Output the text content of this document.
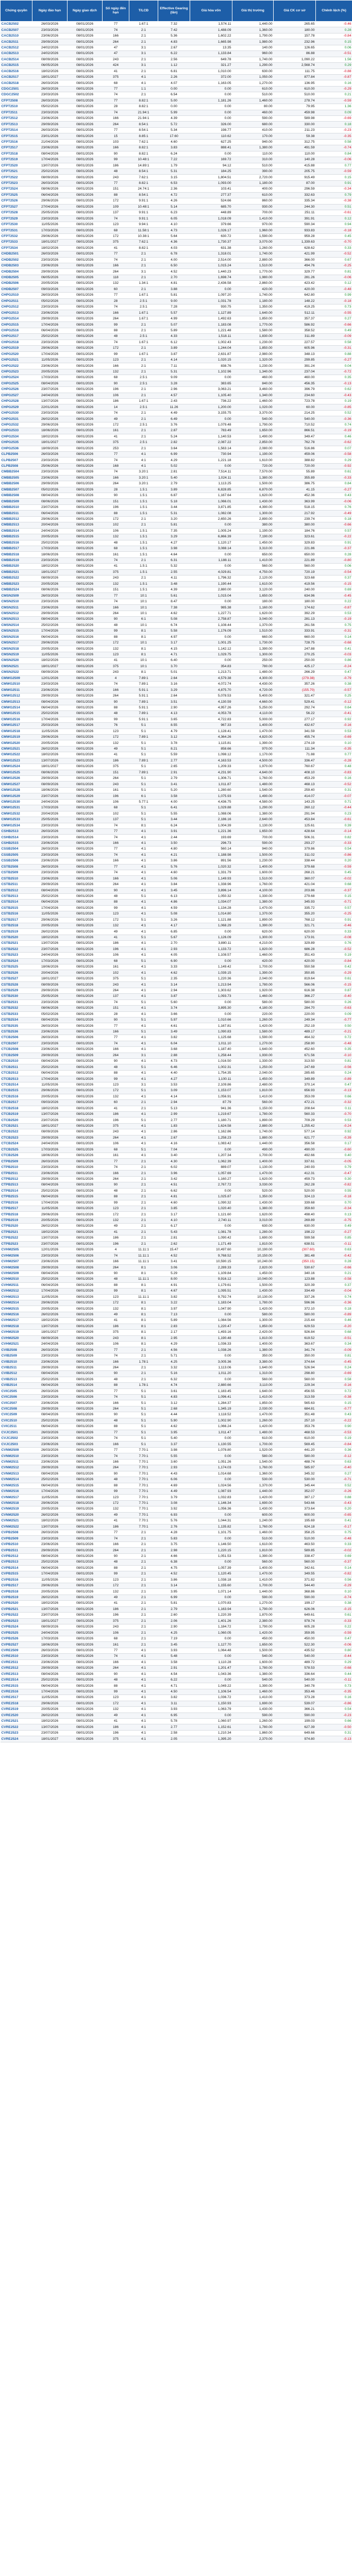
Chứng quyền	Ngày đáo hạn	Ngày giao dịch	Số ngày đến hạn	T/LCĐ	Effective Gearing (lần)	Giá hòa vốn	Giá thị trường	Giá CK cơ sở	Chênh lệch (%)
CACB2502	26/03/2026	08/01/2026	77	1.67:1	7.32	1,574.11	1,440.00	265.65	-0.46
CACB2507	23/03/2026	08/01/2026	74	2:1	7.42	1,488.09	1,360.00	180.00	0.28
CACB2510	23/06/2026	08/01/2026	166	2:1	5.36	1,602.22	1,790.00	157.78	-0.84
CACB2511	29/09/2026	08/01/2026	264	2:1	4.83	1,665.98	1,980.00	232.96	0.15
CACB2512	24/02/2026	08/01/2026	47	3:1	2.67	13.35	140.00	126.65	0.06
CACB2513	24/02/2026	08/01/2026	47	3:1	6.22	1,133.84	960.00	86.88	-0.51
CACB2514	08/09/2026	08/01/2026	243	2:1	2.56	649.78	1,740.00	1,090.22	1.56
CACB2515	06/05/2026	08/01/2026	424	3:1	1.12	321.27	1,290.00	2,568.74	0.29
CACB2516	18/02/2026	08/01/2026	41	2:1	6.81	1,010.00	630.00	111.75	-0.88
CACB2517	18/01/2027	08/01/2026	375	4:1	2.26	372.00	1,050.00	877.84	-0.87
CACB2518	26/03/2026	08/01/2026	68	4:1	4.07	1,163.05	1,270.00	136.95	0.16
CDGC2501	26/03/2026	08/01/2026	77	1:1	0.00	0.00	610.00	610.00	-0.29
CDGC2502	23/03/2026	08/01/2026	74	2:1	6.54	0.00	510.00	510.00	0.21
CFPT2508	26/03/2026	08/01/2026	77	8.82:1	5.00	1,181.26	1,460.00	278.74	-0.59
CFPT2510	05/02/2026	08/01/2026	28	8.82:1	0.00	0.00	80.00	79.95	1.36
CFPT2511	23/03/2026	08/01/2026	74	21.94:1	5.99	0.00	460.00	459.98	0.09
CFPT2512	23/06/2026	08/01/2026	166	21.94:1	4.39	0.00	590.00	589.98	-0.69
CFPT2513	29/09/2026	08/01/2026	264	8.54:1	5.72	326.00	680.00	330.00	0.18
CFPT2514	26/03/2026	08/01/2026	77	8.54:1	5.34	198.77	410.00	211.23	-0.23
CFPT2515	23/01/2026	08/01/2026	15	8.85:1	17.60	110.62	170.00	59.38	-0.35
CFPT2516	21/04/2026	08/01/2026	103	7.62:1	4.60	627.25	940.00	312.75	0.58
CFPT2517	23/06/2026	08/01/2026	166	8.82:1	3.83	888.41	1,380.00	491.59	-0.74
CFPT2518	08/04/2026	08/01/2026	90	8.82:1	6.24	0.00	110.00	110.00	0.84
CFPT2519	17/04/2026	08/01/2026	99	10.48:1	7.22	169.72	310.00	140.28	-0.06
CFPT2520	13/07/2026	08/01/2026	186	14.89:1	1.79	94.12	510.00	415.88	0.77
CFPT2521	25/02/2026	08/01/2026	48	8.54:1	5.31	184.25	390.00	205.75	-0.59
CFPT2522	08/09/2026	08/01/2026	243	7.62:1	3.15	1,804.51	2,720.00	915.49	0.15
CFPT2523	26/03/2026	08/01/2026	77	8.82:1	6.53	1,093.00	1,180.00	87.00	0.91
CFPT2524	08/06/2026	08/01/2026	151	24.74:1	2.36	103.41	400.00	296.59	-0.34
CFPT2525	06/04/2026	08/01/2026	88	8.54:1	4.72	277.37	610.00	332.63	0.79
CFPT2526	29/06/2026	08/01/2026	172	9.91:1	4.26	524.66	860.00	335.34	-0.38
CFPT2527	27/04/2026	08/01/2026	109	10.48:1	5.14	685.70	930.00	244.30	0.51
CFPT2528	25/05/2026	08/01/2026	137	9.91:1	6.23	448.89	700.00	251.11	-0.61
CFPT2529	23/03/2026	08/01/2026	74	9.91:1	6.05	1,018.09	1,410.00	391.91	0.12
CFPT2530	11/05/2026	08/01/2026	123	9.94:1	4.10	379.66	970.00	590.34	0.94
CFPT2531	17/03/2026	08/01/2026	68	11.58:1	4.73	1,026.17	1,960.00	933.83	-0.18
CFPT2532	29/06/2026	08/01/2026	172	10.38:1	5.64	630.72	1,590.00	959.28	0.45
CFPT2533	18/01/2027	08/01/2026	375	7.62:1	4.36	1,730.37	3,070.00	1,339.63	-0.70
CFPT2534	18/02/2026	08/01/2026	41	8.82:1	4.03	631.38	1,260.00	628.62	0.33
CHDB2501	26/03/2026	08/01/2026	77	2:1	6.78	1,318.01	1,740.00	421.99	-0.52
CHDB2502	23/03/2026	08/01/2026	74	2:1	4.00	2,514.00	2,880.00	366.00	0.67
CHDB2503	23/06/2026	08/01/2026	166	2:1	6.50	1,015.24	1,510.00	494.76	-0.25
CHDB2504	29/09/2026	08/01/2026	264	3:1	4.52	1,440.23	1,770.00	329.77	0.81
CHDB2505	06/05/2026	08/01/2026	118	2:1	2.70	1,698.74	1,980.00	281.26	-0.06
CHDB2506	20/05/2026	08/01/2026	132	1.34:1	4.81	2,436.58	2,860.00	423.42	0.12
CHDB2507	09/03/2026	08/01/2026	60	2:1	3.88	0.00	420.00	420.00	-0.48
CHPG2510	26/03/2026	08/01/2026	77	1.67:1	5.81	1,097.20	1,740.00	642.80	0.99
CHPG2511	05/02/2026	08/01/2026	28	2.5:1	9.00	1,031.78	1,180.00	148.22	-0.18
CHPG2512	23/03/2026	08/01/2026	74	2.5:1	7.28	930.75	1,350.00	419.25	0.73
CHPG2513	23/06/2026	08/01/2026	166	1.67:1	5.57	1,127.89	1,640.00	512.11	-0.55
CHPG2514	29/09/2026	08/01/2026	264	1.67:1	4.99	1,492.63	1,850.00	357.37	0.27
CHPG2515	17/04/2026	08/01/2026	99	2:1	5.07	1,183.08	1,770.00	586.92	-0.66
CHPG2516	06/04/2026	08/01/2026	88	2:1	5.89	1,221.48	1,580.00	358.52	0.49
CHPG2517	25/02/2026	08/01/2026	48	2.5:1	4.33	1,518.11	1,830.00	311.89	-0.09
CHPG2518	23/03/2026	08/01/2026	74	1.67:1	6.12	1,002.43	1,230.00	227.57	0.58
CHPG2519	29/06/2026	08/01/2026	172	2:1	3.89	1,244.04	1,850.00	605.96	-0.31
CHPG2520	17/04/2026	08/01/2026	99	1.67:1	3.87	2,631.87	2,980.00	348.13	0.88
CHPG2521	11/05/2026	08/01/2026	123	2:1	4.14	1,020.15	1,320.00	299.85	-0.27
CHPG2522	23/06/2026	08/01/2026	166	2:1	7.11	838.76	1,230.00	391.24	0.04
CHPG2523	20/05/2026	08/01/2026	132	2:1	5.31	1,102.96	1,340.00	237.04	-0.72
CHPG2524	17/03/2026	08/01/2026	68	2.5:1	9.09	0.00	460.00	460.00	0.35
CHPG2525	08/04/2026	08/01/2026	90	2.5:1	3.28	383.65	840.00	456.35	-0.13
CHPG2526	23/07/2026	08/01/2026	196	2:1	2.96	3,063.21	3,460.00	396.79	0.62
CHPG2527	24/04/2026	08/01/2026	106	2:1	4.57	1,105.40	1,340.00	234.60	-0.43
CHPG2528	13/07/2026	08/01/2026	186	1.67:1	2.43	736.22	1,460.00	723.78	0.19
CHPG2529	22/01/2026	08/01/2026	14	2.5:1	11.26	1,200.00	1,020.00	60.00	-0.85
CHPG2530	23/03/2026	08/01/2026	74	2:1	4.49	3,155.75	3,370.00	214.25	0.52
CHPG2531	26/02/2026	08/01/2026	49	2:1	6.49	0.00	540.00	540.00	-0.36
CHPG2532	29/06/2026	08/01/2026	172	2.5:1	3.76	1,079.48	1,790.00	710.52	0.74
CHPG2533	18/06/2026	08/01/2026	161	2:1	2.87	783.49	1,650.00	866.51	-0.19
CHPG2534	18/02/2026	08/01/2026	41	2:1	5.24	1,140.53	1,490.00	349.47	0.46
CHPG2535	18/01/2027	08/01/2026	375	2.5:1	2.82	2,087.22	2,850.00	762.78	-0.62
CHPG2536	18/09/2026	08/01/2026	253	2:1	3.64	1,563.14	2,080.00	516.86	0.07
CLPB2506	26/03/2026	08/01/2026	77	4:1	6.99	730.94	1,190.00	459.06	-0.58
CLPB2507	23/03/2026	08/01/2026	74	4:1	4.29	1,221.18	1,610.00	388.82	0.29
CLPB2508	25/06/2026	08/01/2026	168	4:1	5.02	0.00	720.00	720.00	-0.92
CMBB2504	23/03/2026	08/01/2026	74	3.20:1	2.81	7,514.11	7,570.00	55.89	0.61
CMBB2505	23/06/2026	08/01/2026	166	3.20:1	5.40	1,024.11	1,380.00	355.89	-0.33
CMBB2506	29/09/2026	08/01/2026	264	3.20:1	2.79	1,113.25	1,500.00	386.75	0.84
CMBB2507	05/02/2026	08/01/2026	28	1.5:1	3.89	6,828.85	6,870.00	41.15	-0.27
CMBB2508	08/04/2026	08/01/2026	90	1.5:1	6.87	1,167.64	1,620.00	452.36	0.43
CMBB2509	08/06/2026	08/01/2026	151	1.5:1	5.18	1,066.01	1,430.00	363.99	-0.06
CMBB2510	23/07/2026	08/01/2026	196	1.5:1	3.44	3,871.85	4,390.00	518.15	0.76
CMBB2511	06/04/2026	08/01/2026	88	1.5:1	5.31	1,082.08	1,300.00	217.92	-0.49
CMBB2512	29/06/2026	08/01/2026	172	2:1	3.20	2,650.26	2,890.00	239.74	0.18
CMBB2513	20/04/2026	08/01/2026	102	2:1	5.81	0.00	380.00	380.00	-0.66
CMBB2514	24/04/2026	08/01/2026	106	1.5:1	7.35	1,005.24	1,190.00	184.76	0.57
CMBB2515	20/05/2026	08/01/2026	132	1.5:1	3.29	6,866.39	7,190.00	323.61	-0.22
CMBB2516	25/02/2026	08/01/2026	48	1.5:1	4.27	1,120.17	1,450.00	329.83	0.91
CMBB2517	17/03/2026	08/01/2026	68	1.5:1	3.98	3,088.14	3,310.00	221.86	-0.37
CMBB2518	18/06/2026	08/01/2026	161	1.5:1	4.64	0.00	650.00	650.00	0.28
CMBB2519	23/03/2026	08/01/2026	74	2:1	6.31	1,188.11	1,410.00	221.89	-0.80
CMBB2520	18/02/2026	08/01/2026	41	1.5:1	5.32	0.00	560.00	560.00	0.06
CMBB2521	18/01/2027	08/01/2026	375	1.5:1	2.55	4,029.81	4,750.00	720.19	-0.54
CMBB2522	08/09/2026	08/01/2026	243	2:1	4.11	1,796.32	2,120.00	323.68	0.37
CMBB2523	20/05/2026	08/01/2026	132	1.5:1	3.48	1,190.44	1,610.00	419.56	-0.15
CMBB2524	08/06/2026	08/01/2026	151	1.5:1	4.39	2,880.00	3,120.00	240.00	0.69
CMSN2509	26/03/2026	08/01/2026	77	10:1	5.61	1,015.04	1,650.00	634.96	-0.45
CMSN2510	23/03/2026	08/01/2026	74	10:1	8.47	0.00	180.00	180.00	0.22
CMSN2511	23/06/2026	08/01/2026	166	10:1	7.38	985.38	1,160.00	174.62	-0.87
CMSN2512	29/09/2026	08/01/2026	264	10:1	4.62	1,227.71	1,620.00	392.29	0.53
CMSN2513	08/04/2026	08/01/2026	90	6:1	5.08	2,758.87	3,040.00	281.13	-0.19
CMSN2514	25/02/2026	08/01/2026	48	10:1	6.74	1,108.44	1,370.00	261.56	0.75
CMSN2515	17/04/2026	08/01/2026	99	8:1	5.58	1,176.09	1,510.00	333.91	-0.31
CMSN2516	06/04/2026	08/01/2026	88	8:1	4.97	0.00	660.00	660.00	0.14
CMSN2517	29/06/2026	08/01/2026	172	10:1	3.17	1,001.25	1,730.00	728.75	-0.68
CMSN2518	20/05/2026	08/01/2026	132	8:1	4.15	1,142.12	1,390.00	247.88	0.41
CMSN2519	11/05/2026	08/01/2026	123	8:1	4.71	1,029.75	1,300.00	270.25	-0.03
CMSN2520	18/02/2026	08/01/2026	41	10:1	6.40	0.00	250.00	250.00	0.86
CMSN2521	18/01/2027	08/01/2026	375	10:1	3.70	354.83	780.00	425.17	-0.24
CMSN2522	08/09/2026	08/01/2026	243	8:1	5.01	1,213.71	1,480.00	266.29	0.47
CMWG2509	12/01/2026	08/01/2026	4	7.89:1	2.64	4,579.38	4,300.00	(279.38)	-0.79
CMWG2510	23/03/2026	08/01/2026	74	7.89:1	3.16	4,072.74	4,430.00	357.26	0.38
CMWG2511	23/06/2026	08/01/2026	166	5.91:1	3.29	4,875.70	4,720.00	(155.70)	-0.57
CMWG2512	29/09/2026	08/01/2026	264	5.91:1	2.64	5,078.53	5,400.00	321.47	0.25
CMWG2513	08/04/2026	08/01/2026	90	7.89:1	3.51	4,130.59	4,660.00	529.41	-0.12
CMWG2514	06/04/2026	08/01/2026	88	5.91:1	2.90	4,957.26	5,250.00	292.74	0.64
CMWG2515	25/02/2026	08/01/2026	48	7.89:1	4.13	4,053.78	4,110.00	56.22	-0.41
CMWG2516	17/04/2026	08/01/2026	99	5.91:1	3.65	4,722.83	5,000.00	277.17	0.92
CMWG2517	25/03/2026	08/01/2026	76	5:1	8.55	967.33	1,400.00	432.67	-0.16
CMWG2518	11/05/2026	08/01/2026	123	5:1	4.79	1,128.41	1,470.00	341.59	0.53
CMWG2519	29/06/2026	08/01/2026	172	7.89:1	3.12	4,364.26	4,820.00	455.74	-0.69
CMWG2520	20/05/2026	08/01/2026	132	5:1	3.78	1,115.81	1,390.00	274.19	0.10
CMWG2521	26/02/2026	08/01/2026	49	5:1	8.21	858.66	970.00	111.34	-0.35
CMWG2522	18/02/2026	08/01/2026	41	5:1	5.59	1,098.12	1,170.00	71.88	0.77
CMWG2523	13/07/2026	08/01/2026	186	7.89:1	2.77	4,163.53	4,500.00	336.47	-0.28
CMWG2524	18/01/2027	08/01/2026	375	5:1	2.65	1,209.33	1,970.00	760.67	0.48
CMWG2525	08/06/2026	08/01/2026	151	7.89:1	2.91	4,231.90	4,640.00	408.10	-0.83
CMWG2526	29/09/2026	08/01/2026	264	5:1	2.79	1,306.71	1,760.00	453.29	0.16
CMWG2527	08/09/2026	08/01/2026	243	5:1	3.41	1,011.87	1,480.00	468.13	-0.52
CMWG2528	18/06/2026	08/01/2026	161	5:1	5.20	1,280.60	1,540.00	259.40	0.31
CMWG2529	23/07/2026	08/01/2026	196	6:1	3.58	1,075.93	1,490.00	414.07	-0.07
CMWG2530	24/04/2026	08/01/2026	106	5.77:1	4.00	4,436.75	4,580.00	143.25	0.71
CMWG2531	17/03/2026	08/01/2026	68	5:1	6.41	1,029.88	1,290.00	260.12	-0.44
CMWG2532	20/04/2026	08/01/2026	102	5:1	5.55	1,088.06	1,380.00	291.94	0.23
CMWG2533	25/05/2026	08/01/2026	137	5:1	3.44	2,186.16	2,640.00	453.84	-0.61
CMWG2534	23/03/2026	08/01/2026	74	8:1	6.24	1,004.39	1,130.00	125.61	0.39
CSHB2513	26/03/2026	08/01/2026	77	4:1	3.91	1,221.36	1,650.00	428.64	-0.14
CSHB2514	23/03/2026	08/01/2026	74	4:1	2.44	193.69	700.00	506.31	0.82
CSHB2515	23/06/2026	08/01/2026	166	4:1	3.50	296.73	590.00	293.27	-0.33
CSSB2504	26/03/2026	08/01/2026	77	4:1	4.80	560.14	940.00	379.86	0.54
CSSB2505	23/03/2026	08/01/2026	74	4:1	4.21	1,188.98	1,500.00	311.02	-0.86
CSSB2506	23/06/2026	08/01/2026	166	4:1	3.86	891.56	1,230.00	338.44	0.20
CSTB2508	26/03/2026	08/01/2026	77	4:1	5.76	1,020.32	1,400.00	379.68	-0.59
CSTB2509	23/03/2026	08/01/2026	74	4:1	4.60	1,331.79	1,600.00	268.21	0.45
CSTB2510	23/06/2026	08/01/2026	166	4:1	5.06	1,149.93	1,510.00	360.07	-0.02
CSTB2511	29/09/2026	08/01/2026	264	4:1	3.84	1,338.96	1,760.00	421.04	0.68
CSTB2512	08/04/2026	08/01/2026	90	4:1	3.45	3,896.14	4,100.00	203.86	-0.37
CSTB2513	25/02/2026	08/01/2026	48	5:1	6.13	1,050.32	1,330.00	279.68	0.15
CSTB2514	06/04/2026	08/01/2026	88	4:1	4.86	1,034.07	1,380.00	345.93	-0.71
CSTB2515	17/04/2026	08/01/2026	99	4:1	4.59	1,134.28	1,470.00	335.72	0.57
CSTB2516	11/05/2026	08/01/2026	123	4:1	5.08	1,014.80	1,370.00	355.20	-0.25
CSTB2517	29/06/2026	08/01/2026	172	5:1	3.26	1,121.88	1,890.00	768.12	0.91
CSTB2518	20/05/2026	08/01/2026	132	4:1	4.17	1,068.29	1,390.00	321.71	-0.46
CSTB2519	26/02/2026	08/01/2026	49	4:1	6.85	0.00	620.00	620.00	0.33
CSTB2520	18/02/2026	08/01/2026	41	5:1	5.67	1,126.09	1,300.00	173.91	-0.08
CSTB2521	13/07/2026	08/01/2026	186	4:1	2.70	3,880.11	4,210.00	329.89	0.76
CSTB2522	23/07/2026	08/01/2026	196	4:1	2.93	1,133.72	1,820.00	686.28	-0.52
CSTB2523	24/04/2026	08/01/2026	106	4:1	4.05	1,108.57	1,460.00	351.43	0.19
CSTB2524	17/03/2026	08/01/2026	68	5:1	6.90	0.00	420.00	420.00	-0.84
CSTB2525	18/06/2026	08/01/2026	161	4:1	3.33	1,149.42	1,700.00	550.58	0.42
CSTB2526	20/04/2026	08/01/2026	102	4:1	4.62	1,039.15	1,390.00	350.85	-0.29
CSTB2527	18/01/2027	08/01/2026	375	5:1	2.35	1,220.36	2,040.00	819.64	0.61
CSTB2528	08/09/2026	08/01/2026	243	4:1	3.14	1,213.94	1,780.00	566.06	-0.15
CSTB2529	29/09/2026	08/01/2026	264	4:1	2.94	1,303.62	1,920.00	616.38	0.87
CSTB2530	25/05/2026	08/01/2026	137	4:1	3.87	1,093.73	1,460.00	366.27	-0.40
CSTB2531	23/03/2026	08/01/2026	74	5:1	5.60	0.00	580.00	580.00	0.26
CSTB2532	08/06/2026	08/01/2026	151	4:1	3.74	3,895.30	4,180.00	284.70	-0.63
CSTB2533	05/02/2026	08/01/2026	28	4:1	3.66	0.00	220.00	220.00	0.09
CSTB2534	08/04/2026	08/01/2026	90	5:1	5.97	1,010.66	1,260.00	249.34	-0.77
CSTB2535	26/03/2026	08/01/2026	77	4:1	4.61	1,167.81	1,420.00	252.19	0.50
CSTB2536	23/06/2026	08/01/2026	166	5:1	3.49	1,090.83	1,580.00	489.17	-0.21
CTCB2506	26/03/2026	08/01/2026	77	4:1	3.82	1,125.68	1,590.00	464.32	0.72
CTCB2507	23/03/2026	08/01/2026	74	4:1	6.04	1,011.10	1,270.00	258.90	-0.48
CTCB2508	23/06/2026	08/01/2026	166	4:1	3.68	1,187.40	1,640.00	452.60	0.35
CTCB2509	29/09/2026	08/01/2026	264	3:1	2.88	1,258.44	1,930.00	671.56	-0.10
CTCB2510	08/04/2026	08/01/2026	90	4:1	4.73	1,016.50	1,330.00	313.50	0.81
CTCB2511	25/02/2026	08/01/2026	48	5:1	6.46	1,002.31	1,250.00	247.69	-0.56
CTCB2512	06/04/2026	08/01/2026	88	4:1	4.40	1,754.35	2,040.00	285.65	0.24
CTCB2513	17/04/2026	08/01/2026	99	4:1	4.27	1,100.11	1,450.00	349.89	-0.89
CTCB2514	11/05/2026	08/01/2026	123	3:1	3.53	2,109.86	2,480.00	370.14	0.47
CTCB2515	29/06/2026	08/01/2026	172	5:1	3.09	1,153.07	1,810.00	656.93	-0.13
CTCB2516	20/05/2026	08/01/2026	132	4:1	4.14	1,056.91	1,410.00	353.09	0.66
CTCB2517	09/03/2026	08/01/2026	60	2:1	2.94	87.79	560.00	472.21	-0.32
CTCB2518	18/02/2026	08/01/2026	41	2:1	5.13	941.36	1,150.00	208.64	0.11
CTCB2519	13/07/2026	08/01/2026	186	4:1	2.99	1,219.67	1,780.00	560.33	-0.70
CTCB2520	23/07/2026	08/01/2026	196	5:1	2.77	1,180.71	1,890.00	709.29	0.53
CTCB2521	18/01/2027	08/01/2026	375	4:1	1.83	1,624.58	2,880.00	1,255.42	-0.24
CTCB2522	08/09/2026	08/01/2026	243	4:1	2.86	1,162.86	1,740.00	577.14	0.92
CTCB2523	29/09/2026	08/01/2026	264	4:1	2.67	1,258.23	1,880.00	621.77	-0.39
CTCB2524	24/04/2026	08/01/2026	106	4:1	4.16	1,083.42	1,440.00	356.58	0.17
CTCB2525	17/03/2026	08/01/2026	68	5:1	7.04	0.00	490.00	490.00	-0.60
CTCB2526	18/06/2026	08/01/2026	161	4:1	3.40	1,207.34	1,700.00	492.66	0.40
CTPB2509	26/03/2026	08/01/2026	77	2:1	4.30	1,062.39	1,400.00	337.61	-0.05
CTPB2510	23/03/2026	08/01/2026	74	2:1	6.02	889.07	1,130.00	240.93	0.79
CTPB2511	23/06/2026	08/01/2026	166	2:1	3.96	1,057.69	1,470.00	412.31	-0.47
CTPB2512	29/09/2026	08/01/2026	264	2:1	3.42	1,160.27	1,620.00	459.73	0.30
CTPB2513	08/04/2026	08/01/2026	90	2:1	4.51	2,767.72	3,030.00	262.28	-0.82
CTPB2514	25/02/2026	08/01/2026	48	2:1	6.62	0.00	520.00	520.00	0.55
CTPB2515	06/04/2026	08/01/2026	88	2:1	4.81	1,025.87	1,350.00	324.13	-0.18
CTPB2516	17/04/2026	08/01/2026	99	2:1	4.60	1,090.32	1,430.00	339.68	0.70
CTPB2517	11/05/2026	08/01/2026	123	2:1	3.85	1,020.40	1,380.00	359.60	-0.34
CTPB2518	29/06/2026	08/01/2026	172	2:1	3.17	1,121.60	1,620.00	498.40	0.13
CTPB2519	20/05/2026	08/01/2026	132	2:1	4.10	2,740.11	3,010.00	269.89	-0.75
CTPB2520	26/02/2026	08/01/2026	49	2:1	6.17	0.00	630.00	630.00	0.49
CTPB2521	18/02/2026	08/01/2026	41	2:1	5.43	1,081.78	1,280.00	198.22	-0.27
CTPB2522	13/07/2026	08/01/2026	186	2:1	2.81	1,090.42	1,690.00	599.58	0.85
CTPB2523	23/07/2026	08/01/2026	196	2:1	2.62	1,171.49	1,810.00	638.51	-0.11
CVHM2505	12/01/2026	08/01/2026	4	11.11:1	15.47	10,497.60	10,190.00	(307.60)	0.63
CVHM2506	23/03/2026	08/01/2026	74	11.11:1	4.52	9,768.52	10,150.00	381.48	-0.42
CVHM2507	23/06/2026	08/01/2026	166	11.11:1	3.41	10,590.15	10,240.00	(350.15)	0.28
CVHM2508	29/09/2026	08/01/2026	264	8:1	3.06	2,289.33	2,820.00	530.67	-0.66
CVHM2509	08/04/2026	08/01/2026	90	8:1	5.29	1,109.84	1,450.00	340.16	0.21
CVHM2510	25/02/2026	08/01/2026	48	11.11:1	8.00	9,916.12	10,040.00	123.88	-0.58
CVHM2511	06/04/2026	08/01/2026	88	8:1	4.91	1,179.61	1,500.00	320.39	0.37
CVHM2512	17/04/2026	08/01/2026	99	8:1	4.67	1,095.51	1,430.00	334.49	-0.04
CVHM2513	11/05/2026	08/01/2026	123	11.11:1	3.82	9,792.74	10,130.00	337.26	0.74
CVHM2514	29/06/2026	08/01/2026	172	8:1	3.22	1,183.04	1,780.00	596.96	-0.36
CVHM2515	20/05/2026	08/01/2026	132	8:1	3.97	1,047.90	1,420.00	372.10	0.18
CVHM2516	26/02/2026	08/01/2026	49	8:1	7.13	0.00	580.00	580.00	-0.89
CVHM2517	18/02/2026	08/01/2026	41	8:1	5.89	1,084.56	1,300.00	215.44	0.46
CVHM2518	13/07/2026	08/01/2026	186	8:1	2.83	1,220.47	1,850.00	629.53	-0.20
CVHM2519	18/01/2027	08/01/2026	375	8:1	2.17	1,493.16	2,420.00	926.84	0.68
CVHM2520	08/09/2026	08/01/2026	243	8:1	2.95	1,190.48	1,810.00	619.52	-0.51
CVHM2521	24/04/2026	08/01/2026	106	8:1	4.29	1,036.33	1,400.00	363.67	0.34
CVIB2508	26/03/2026	08/01/2026	77	2:1	4.56	1,038.26	1,380.00	341.74	-0.09
CVIB2509	23/03/2026	08/01/2026	74	2:1	5.71	0.00	350.00	350.00	0.81
CVIB2510	23/06/2026	08/01/2026	166	1.78:1	4.25	3,005.36	3,380.00	374.64	-0.45
CVIB2511	29/09/2026	08/01/2026	264	2:1	3.32	1,113.06	1,640.00	526.94	0.24
CVIB2512	08/04/2026	08/01/2026	90	2:1	5.16	1,011.20	1,310.00	298.80	-0.69
CVIB2513	25/02/2026	08/01/2026	48	2:1	6.32	0.00	560.00	560.00	0.58
CVIB2514	06/04/2026	08/01/2026	88	1.78:1	4.74	2,880.66	3,110.00	229.34	-0.16
CVIC2505	26/03/2026	08/01/2026	77	5:1	3.61	1,183.45	1,640.00	456.55	0.72
CVIC2506	23/03/2026	08/01/2026	74	5:1	4.83	1,096.41	1,410.00	313.59	-0.38
CVIC2507	23/06/2026	08/01/2026	166	5:1	3.12	1,284.37	1,850.00	565.63	0.15
CVIC2508	29/09/2026	08/01/2026	264	5:1	2.68	1,345.19	2,030.00	684.81	-0.77
CVIC2509	08/04/2026	08/01/2026	90	5:1	4.44	1,118.52	1,470.00	351.48	0.43
CVIC2510	25/02/2026	08/01/2026	48	5:1	5.90	1,002.90	1,260.00	257.10	-0.22
CVIC2511	06/04/2026	08/01/2026	88	5:1	4.62	1,066.24	1,420.00	353.76	0.90
CVJC2501	26/03/2026	08/01/2026	77	5:1	3.95	1,011.47	1,480.00	468.53	-0.53
CVJC2502	23/03/2026	08/01/2026	74	5:1	5.40	0.00	610.00	610.00	0.19
CVJC2503	23/06/2026	08/01/2026	166	5:1	3.37	1,130.55	1,700.00	569.45	-0.84
CVNM2509	26/03/2026	08/01/2026	77	7.70:1	3.98	1,078.80	1,520.00	441.20	0.36
CVNM2510	23/03/2026	08/01/2026	74	7.70:1	5.55	0.00	580.00	580.00	-0.12
CVNM2511	23/06/2026	08/01/2026	166	7.70:1	3.60	1,051.26	1,540.00	488.74	0.63
CVNM2512	29/09/2026	08/01/2026	264	7.70:1	2.93	1,174.03	1,760.00	585.97	-0.40
CVNM2513	08/04/2026	08/01/2026	90	7.70:1	4.43	1,014.68	1,360.00	345.32	0.27
CVNM2514	25/02/2026	08/01/2026	48	7.70:1	6.06	0.00	530.00	530.00	-0.71
CVNM2515	06/04/2026	08/01/2026	88	7.70:1	4.69	1,024.56	1,370.00	345.44	0.52
CVNM2516	17/04/2026	08/01/2026	99	7.70:1	4.49	1,087.93	1,440.00	352.07	-0.26
CVNM2517	11/05/2026	08/01/2026	123	7.70:1	3.79	1,032.83	1,420.00	387.17	0.88
CVNM2518	29/06/2026	08/01/2026	172	7.70:1	3.08	1,146.34	1,690.00	543.66	-0.43
CVNM2519	20/05/2026	08/01/2026	132	7.70:1	3.92	1,056.36	1,430.00	373.64	0.20
CVNM2520	26/02/2026	08/01/2026	49	7.70:1	6.93	0.00	600.00	600.00	-0.65
CVNM2521	18/02/2026	08/01/2026	41	7.70:1	5.76	1,044.31	1,240.00	195.69	0.41
CVNM2522	13/07/2026	08/01/2026	186	7.70:1	2.76	1,135.82	1,760.00	624.18	-0.17
CVPB2508	26/03/2026	08/01/2026	77	2:1	4.28	1,101.75	1,460.00	358.25	0.75
CVPB2509	23/03/2026	08/01/2026	74	2:1	5.83	0.00	510.00	510.00	-0.48
CVPB2510	23/06/2026	08/01/2026	166	2:1	3.75	1,146.50	1,610.00	463.50	0.33
CVPB2511	29/09/2026	08/01/2026	264	2:1	2.98	1,220.15	1,810.00	589.85	-0.02
CVPB2512	08/04/2026	08/01/2026	90	2:1	4.66	1,051.53	1,390.00	338.47	0.69
CVPB2513	25/02/2026	08/01/2026	48	2:1	6.38	0.00	560.00	560.00	-0.37
CVPB2514	06/04/2026	08/01/2026	88	2:1	4.75	1,057.39	1,400.00	342.61	0.14
CVPB2515	17/04/2026	08/01/2026	99	2:1	4.52	1,120.45	1,470.00	349.55	-0.82
CVPB2516	11/05/2026	08/01/2026	123	2:1	3.86	1,038.18	1,410.00	371.82	0.56
CVPB2517	29/06/2026	08/01/2026	172	2:1	3.14	1,155.60	1,700.00	544.40	-0.29
CVPB2518	20/05/2026	08/01/2026	132	2:1	3.95	1,071.14	1,440.00	368.86	0.10
CVPB2519	26/02/2026	08/01/2026	49	2:1	6.99	0.00	590.00	590.00	-0.74
CVPB2520	18/02/2026	08/01/2026	41	2:1	5.81	1,070.83	1,270.00	199.17	0.38
CVPB2521	13/07/2026	08/01/2026	186	2:1	2.79	1,163.94	1,790.00	626.06	-0.15
CVPB2522	23/07/2026	08/01/2026	196	2:1	2.60	1,220.39	1,870.00	649.61	0.61
CVPB2523	18/01/2027	08/01/2026	375	2:1	2.06	1,401.26	2,380.00	978.74	-0.33
CVPB2524	08/09/2026	08/01/2026	243	2:1	2.90	1,184.72	1,790.00	605.28	0.22
CVPB2525	24/04/2026	08/01/2026	106	2:1	4.25	1,060.05	1,420.00	359.95	-0.59
CVPB2526	17/03/2026	08/01/2026	68	2:1	7.19	0.00	450.00	450.00	0.47
CVPB2527	18/06/2026	08/01/2026	161	2:1	3.45	1,127.70	1,650.00	522.30	-0.06
CVRE2509	26/03/2026	08/01/2026	77	4:1	3.93	1,064.48	1,500.00	435.52	0.80
CVRE2510	23/03/2026	08/01/2026	74	4:1	5.48	0.00	540.00	540.00	-0.44
CVRE2511	23/06/2026	08/01/2026	166	4:1	3.58	1,110.28	1,600.00	489.72	0.29
CVRE2512	29/09/2026	08/01/2026	264	4:1	2.91	1,201.47	1,780.00	578.53	-0.68
CVRE2513	08/04/2026	08/01/2026	90	4:1	4.54	1,043.36	1,380.00	336.64	0.44
CVRE2514	25/02/2026	08/01/2026	48	4:1	6.22	0.00	540.00	540.00	-0.11
CVRE2515	06/04/2026	08/01/2026	88	4:1	4.71	1,049.22	1,390.00	340.78	0.73
CVRE2516	17/04/2026	08/01/2026	99	4:1	4.50	1,106.54	1,460.00	353.46	-0.35
CVRE2517	11/05/2026	08/01/2026	123	4:1	3.82	1,036.72	1,410.00	373.28	0.16
CVRE2518	29/06/2026	08/01/2026	172	4:1	3.11	1,150.93	1,690.00	539.07	-0.86
CVRE2519	20/05/2026	08/01/2026	132	4:1	3.93	1,063.79	1,430.00	366.21	0.54
CVRE2520	26/02/2026	08/01/2026	49	4:1	6.95	0.00	590.00	590.00	-0.23
CVRE2521	18/02/2026	08/01/2026	41	4:1	5.78	1,060.97	1,260.00	199.03	0.66
CVRE2522	13/07/2026	08/01/2026	186	4:1	2.77	1,152.61	1,780.00	627.39	-0.50
CVRE2523	23/07/2026	08/01/2026	196	4:1	2.58	1,210.34	1,860.00	649.66	0.31
CVRE2524	18/01/2027	08/01/2026	375	4:1	2.05	1,395.20	2,370.00	974.80	-0.13
